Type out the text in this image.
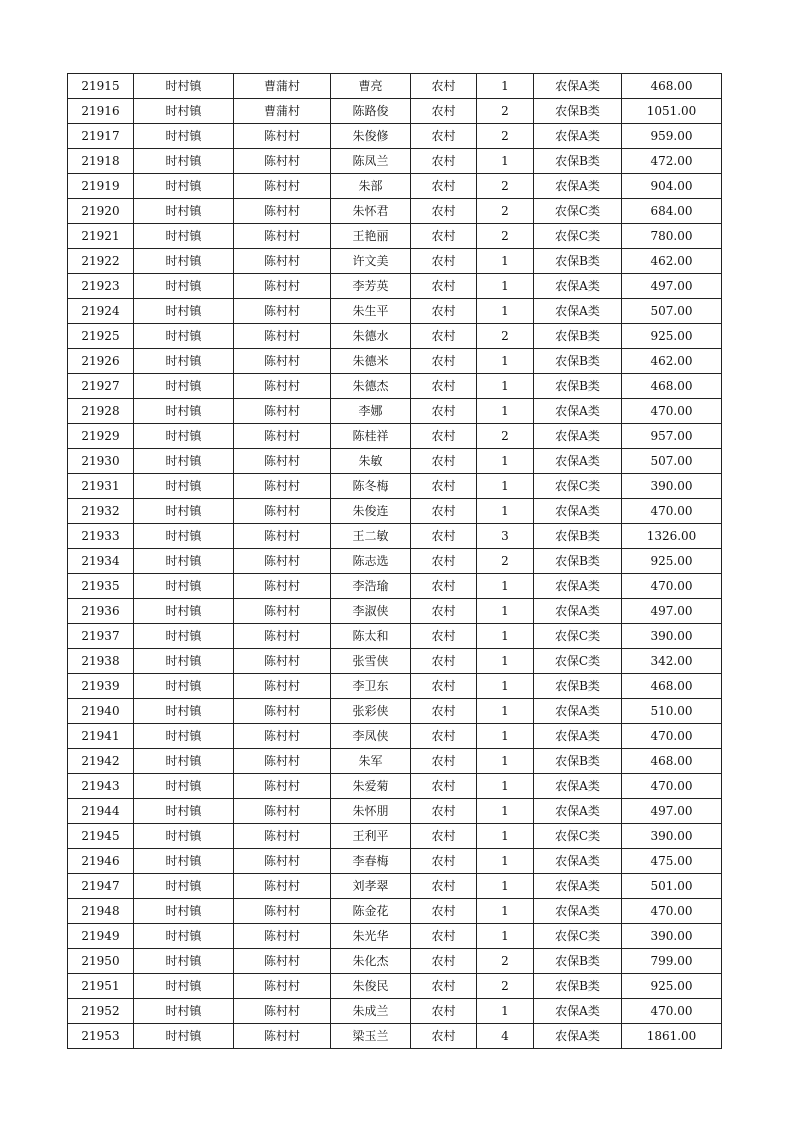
21915	时村镇	曹蒲村	曹亮	农村	1	农保A类	468.00
21916	时村镇	曹蒲村	陈路俊	农村	2	农保B类	1051.00
21917	时村镇	陈村村	朱俊修	农村	2	农保A类	959.00
21918	时村镇	陈村村	陈凤兰	农村	1	农保B类	472.00
21919	时村镇	陈村村	朱部	农村	2	农保A类	904.00
21920	时村镇	陈村村	朱怀君	农村	2	农保C类	684.00
21921	时村镇	陈村村	王艳丽	农村	2	农保C类	780.00
21922	时村镇	陈村村	许文美	农村	1	农保B类	462.00
21923	时村镇	陈村村	李芳英	农村	1	农保A类	497.00
21924	时村镇	陈村村	朱生平	农村	1	农保A类	507.00
21925	时村镇	陈村村	朱德水	农村	2	农保B类	925.00
21926	时村镇	陈村村	朱德米	农村	1	农保B类	462.00
21927	时村镇	陈村村	朱德杰	农村	1	农保B类	468.00
21928	时村镇	陈村村	李娜	农村	1	农保A类	470.00
21929	时村镇	陈村村	陈桂祥	农村	2	农保A类	957.00
21930	时村镇	陈村村	朱敏	农村	1	农保A类	507.00
21931	时村镇	陈村村	陈冬梅	农村	1	农保C类	390.00
21932	时村镇	陈村村	朱俊连	农村	1	农保A类	470.00
21933	时村镇	陈村村	王二敏	农村	3	农保B类	1326.00
21934	时村镇	陈村村	陈志选	农村	2	农保B类	925.00
21935	时村镇	陈村村	李浩瑜	农村	1	农保A类	470.00
21936	时村镇	陈村村	李淑侠	农村	1	农保A类	497.00
21937	时村镇	陈村村	陈太和	农村	1	农保C类	390.00
21938	时村镇	陈村村	张雪侠	农村	1	农保C类	342.00
21939	时村镇	陈村村	李卫东	农村	1	农保B类	468.00
21940	时村镇	陈村村	张彩侠	农村	1	农保A类	510.00
21941	时村镇	陈村村	李凤侠	农村	1	农保A类	470.00
21942	时村镇	陈村村	朱军	农村	1	农保B类	468.00
21943	时村镇	陈村村	朱爱菊	农村	1	农保A类	470.00
21944	时村镇	陈村村	朱怀朋	农村	1	农保A类	497.00
21945	时村镇	陈村村	王利平	农村	1	农保C类	390.00
21946	时村镇	陈村村	李春梅	农村	1	农保A类	475.00
21947	时村镇	陈村村	刘孝翠	农村	1	农保A类	501.00
21948	时村镇	陈村村	陈金花	农村	1	农保A类	470.00
21949	时村镇	陈村村	朱光华	农村	1	农保C类	390.00
21950	时村镇	陈村村	朱化杰	农村	2	农保B类	799.00
21951	时村镇	陈村村	朱俊民	农村	2	农保B类	925.00
21952	时村镇	陈村村	朱成兰	农村	1	农保A类	470.00
21953	时村镇	陈村村	梁玉兰	农村	4	农保A类	1861.00
